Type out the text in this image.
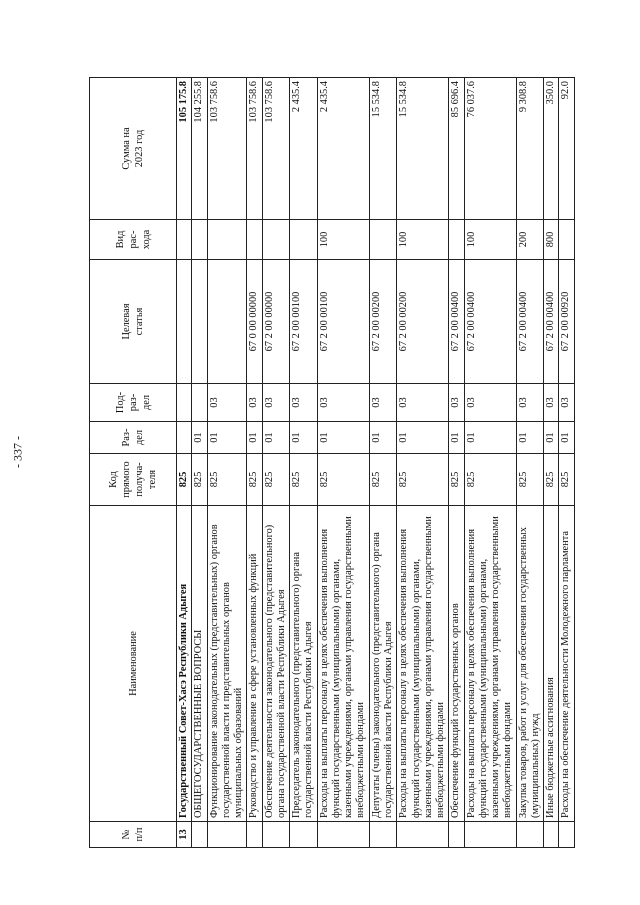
- 337 -
№ п/п	Наименование	Код прямого получа- теля	Раз- дел	Под- раз- дел	Целевая статья	Вид рас- хода	Сумма на 2023 год
13	Государственный Совет-Хасэ Республики Адыгея	825					105 175.8
	ОБЩЕГОСУДАРСТВЕННЫЕ ВОПРОСЫ	825	01				104 255.8
	Функционирование законодательных (представительных) органов государственной власти и представительных органов муниципальных образований	825	01	03			103 758.6
	Руководство и управление в сфере установленных функций	825	01	03	67 0 00 00000		103 758.6
	Обеспечение деятельности законодательного (представительного) органа государственной власти Республики Адыгея	825	01	03	67 2 00 00000		103 758.6
	Председатель законодательного (представительного) органа государственной власти Республики Адыгея	825	01	03	67 2 00 00100		2 435.4
	Расходы на выплаты персоналу в целях обеспечения выполнения функций государственными (муниципальными) органами, казенными учреждениями, органами управления государственными внебюджетными фондами	825	01	03	67 2 00 00100	100	2 435.4
	Депутаты (члены) законодательного (представительного) органа государственной власти Республики Адыгея	825	01	03	67 2 00 00200		15 534.8
	Расходы на выплаты персоналу в целях обеспечения выполнения функций государственными (муниципальными) органами, казенными учреждениями, органами управления государственными внебюджетными фондами	825	01	03	67 2 00 00200	100	15 534.8
	Обеспечение функций государственных органов	825	01	03	67 2 00 00400		85 696.4
	Расходы на выплаты персоналу в целях обеспечения выполнения функций государственными (муниципальными) органами, казенными учреждениями, органами управления государственными внебюджетными фондами	825	01	03	67 2 00 00400	100	76 037.6
	Закупка товаров, работ и услуг для обеспечения государственных (муниципальных) нужд	825	01	03	67 2 00 00400	200	9 308.8
	Иные бюджетные ассигнования	825	01	03	67 2 00 00400	800	350.0
	Расходы на обеспечение деятельности Молодежного парламента	825	01	03	67 2 00 00920		92.0
